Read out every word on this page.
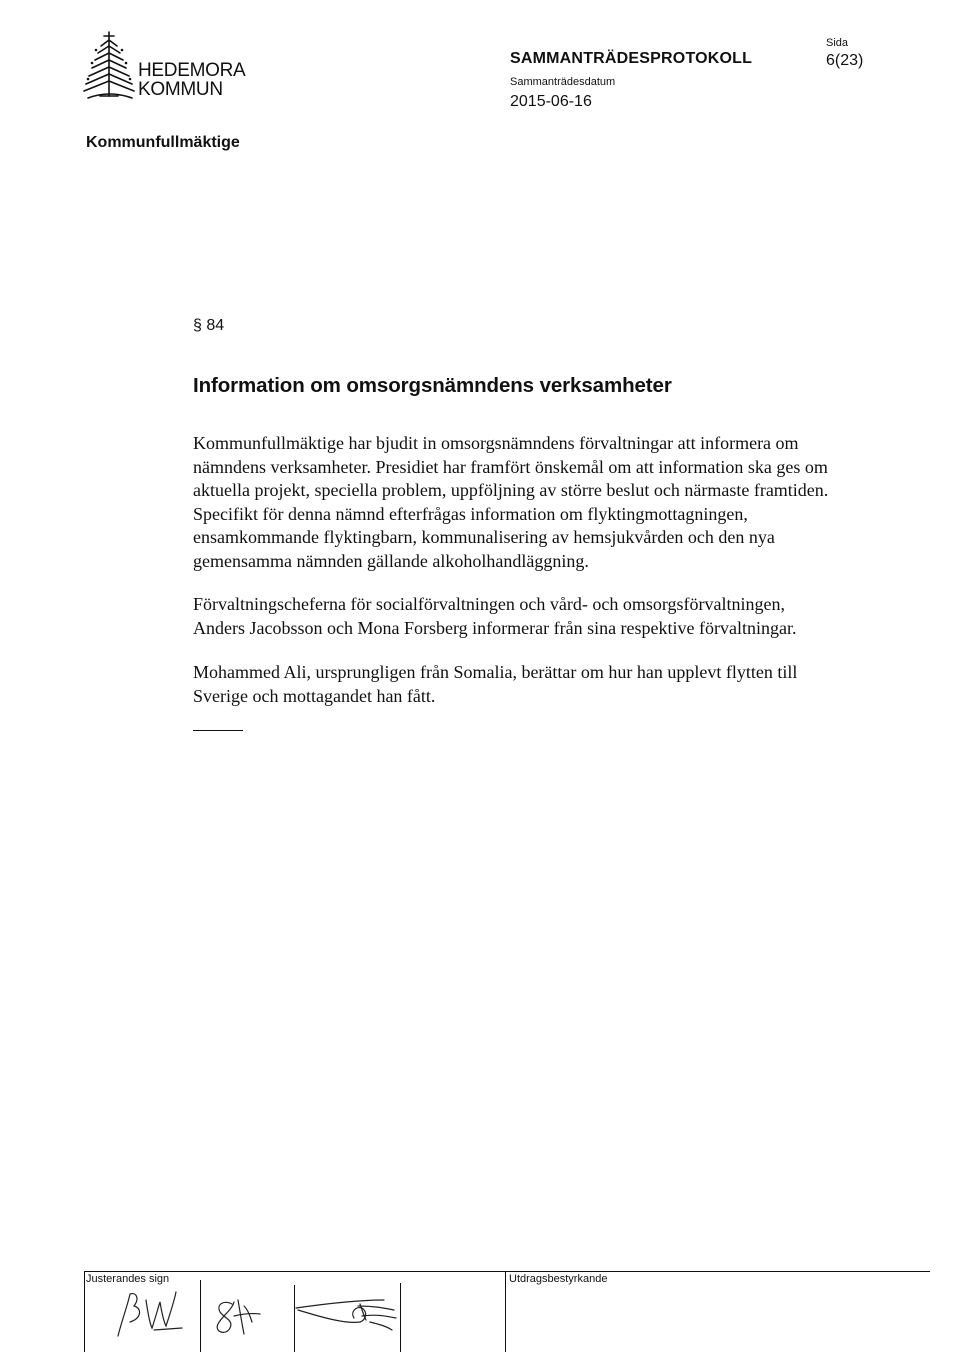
HEDEMORA
KOMMUN
SAMMANTRÄDESPROTOKOLL
Sida
6(23)
Sammanträdesdatum
2015-06-16
Kommunfullmäktige
§ 84
Information om omsorgsnämndens verksamheter
Kommunfullmäktige har bjudit in omsorgsnämndens förvaltningar att informera om
nämndens verksamheter. Presidiet har framfört önskemål om att information ska ges om
aktuella projekt, speciella problem, uppföljning av större beslut och närmaste framtiden.
Specifikt för denna nämnd efterfrågas information om flyktingmottagningen,
ensamkommande flyktingbarn, kommunalisering av hemsjukvården och den nya
gemensamma nämnden gällande alkoholhandläggning.
Förvaltningscheferna för socialförvaltningen och vård- och omsorgsförvaltningen,
Anders Jacobsson och Mona Forsberg informerar från sina respektive förvaltningar.
Mohammed Ali, ursprungligen från Somalia, berättar om hur han upplevt flytten till
Sverige och mottagandet han fått.
Justerandes sign	Utdragsbestyrkande
